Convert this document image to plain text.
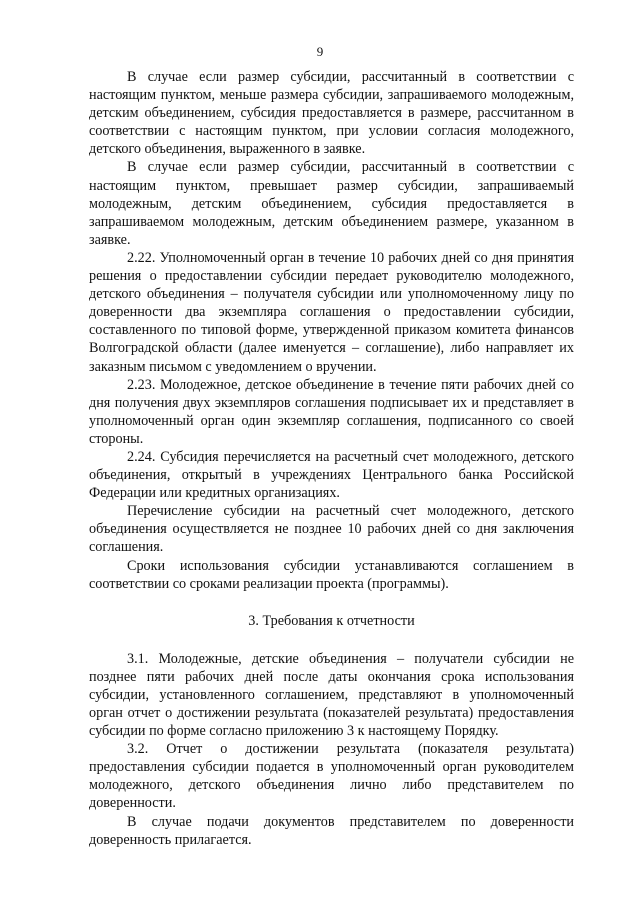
9

В случае если размер субсидии, рассчитанный в соответствии с настоящим пунктом, меньше размера субсидии, запрашиваемого молодежным, детским объединением, субсидия предоставляется в размере, рассчитанном в соответствии с настоящим пунктом, при условии согласия молодежного, детского объединения, выраженного в заявке.

В случае если размер субсидии, рассчитанный в соответствии с настоящим пунктом, превышает размер субсидии, запрашиваемый молодежным, детским объединением, субсидия предоставляется в запрашиваемом молодежным, детским объединением размере, указанном в заявке.

2.22. Уполномоченный орган в течение 10 рабочих дней со дня принятия решения о предоставлении субсидии передает руководителю молодежного, детского объединения – получателя субсидии или уполномоченному лицу по доверенности два экземпляра соглашения о предоставлении субсидии, составленного по типовой форме, утвержденной приказом комитета финансов Волгоградской области (далее именуется – соглашение), либо направляет их заказным письмом с уведомлением о вручении.

2.23. Молодежное, детское объединение в течение пяти рабочих дней со дня получения двух экземпляров соглашения подписывает их и представляет в уполномоченный орган один экземпляр соглашения, подписанного со своей стороны.

2.24. Субсидия перечисляется на расчетный счет молодежного, детского объединения, открытый в учреждениях Центрального банка Российской Федерации или кредитных организациях.

Перечисление субсидии на расчетный счет молодежного, детского объединения осуществляется не позднее 10 рабочих дней со дня заключения соглашения.

Сроки использования субсидии устанавливаются соглашением в соответствии со сроками реализации проекта (программы).

3. Требования к отчетности

3.1. Молодежные, детские объединения – получатели субсидии не позднее пяти рабочих дней после даты окончания срока использования субсидии, установленного соглашением, представляют в уполномоченный орган отчет о достижении результата (показателей результата) предоставления субсидии по форме согласно приложению 3 к настоящему Порядку.

3.2. Отчет о достижении результата (показателя результата) предоставления субсидии подается в уполномоченный орган руководителем молодежного, детского объединения лично либо представителем по доверенности.

В случае подачи документов представителем по доверенности доверенность прилагается.
